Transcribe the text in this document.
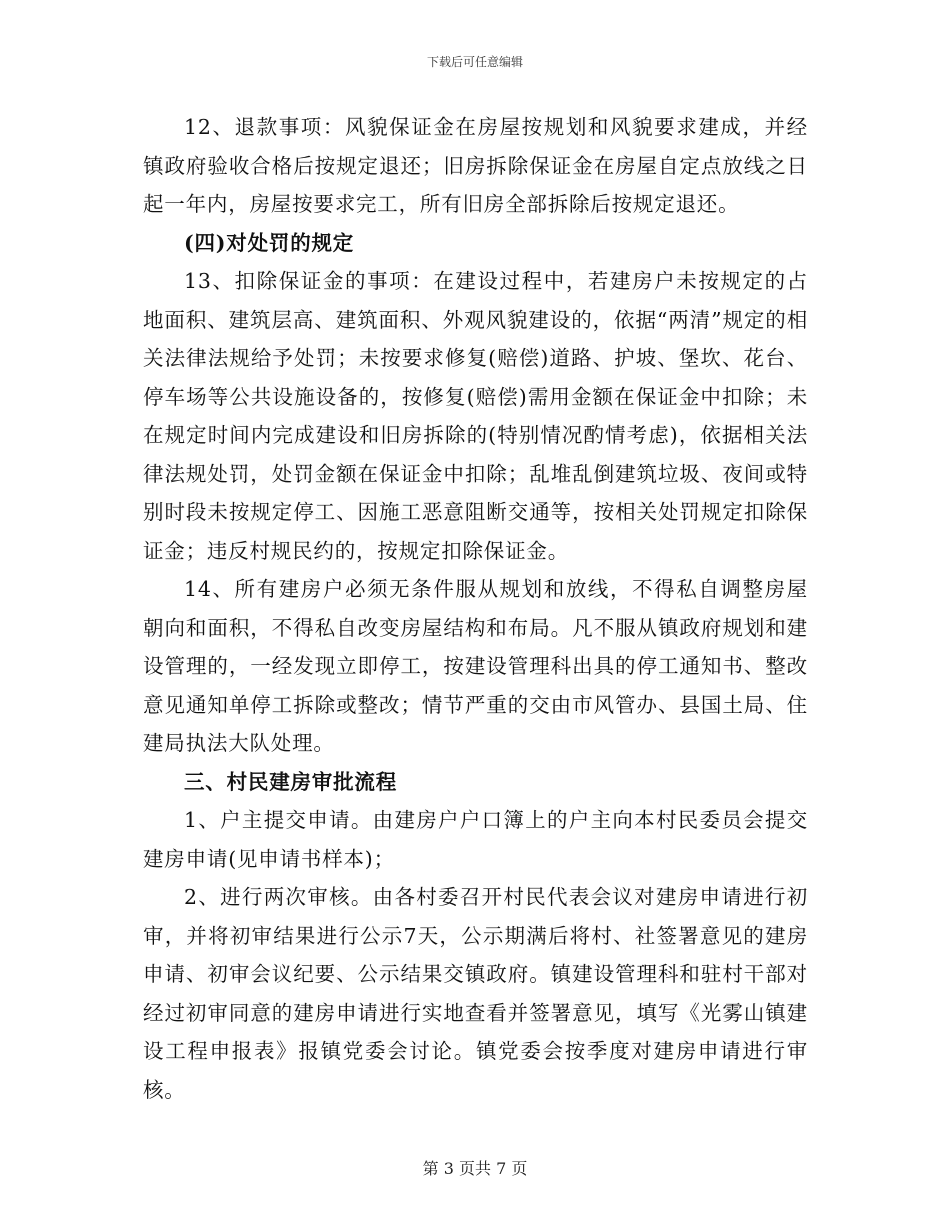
下载后可任意编辑

12、退款事项：风貌保证金在房屋按规划和风貌要求建成，并经镇政府验收合格后按规定退还；旧房拆除保证金在房屋自定点放线之日起一年内，房屋按要求完工，所有旧房全部拆除后按规定退还。

(四)对处罚的规定

13、扣除保证金的事项：在建设过程中，若建房户未按规定的占地面积、建筑层高、建筑面积、外观风貌建设的，依据“两清”规定的相关法律法规给予处罚；未按要求修复(赔偿)道路、护坡、堡坎、花台、停车场等公共设施设备的，按修复(赔偿)需用金额在保证金中扣除；未在规定时间内完成建设和旧房拆除的(特别情况酌情考虑)，依据相关法律法规处罚，处罚金额在保证金中扣除；乱堆乱倒建筑垃圾、夜间或特别时段未按规定停工、因施工恶意阻断交通等，按相关处罚规定扣除保证金；违反村规民约的，按规定扣除保证金。

14、所有建房户必须无条件服从规划和放线，不得私自调整房屋朝向和面积，不得私自改变房屋结构和布局。凡不服从镇政府规划和建设管理的，一经发现立即停工，按建设管理科出具的停工通知书、整改意见通知单停工拆除或整改；情节严重的交由市风管办、县国土局、住建局执法大队处理。

三、村民建房审批流程

1、户主提交申请。由建房户户口簿上的户主向本村民委员会提交建房申请(见申请书样本)；

2、进行两次审核。由各村委召开村民代表会议对建房申请进行初审，并将初审结果进行公示7天，公示期满后将村、社签署意见的建房申请、初审会议纪要、公示结果交镇政府。镇建设管理科和驻村干部对经过初审同意的建房申请进行实地查看并签署意见，填写《光雾山镇建设工程申报表》报镇党委会讨论。镇党委会按季度对建房申请进行审核。

第 3 页共 7 页
